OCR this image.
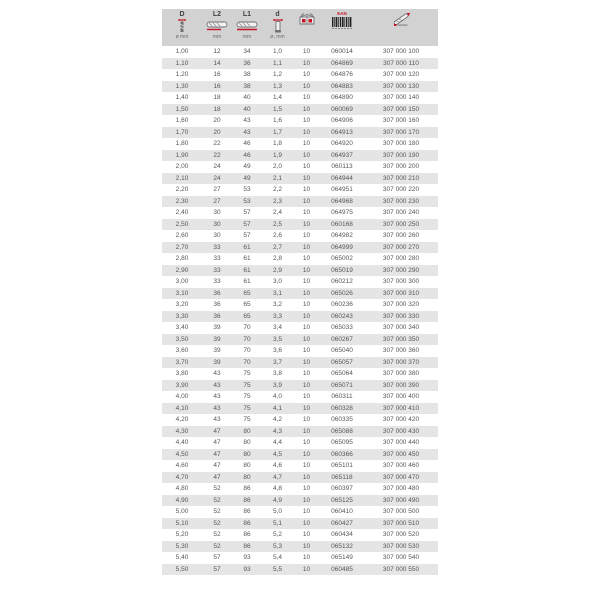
D
ø mm

L2
mm

L1
mm

d
ø₁ mm

EAN

1,00	12	34	1,0	10	060014	307 000 100
1,10	14	36	1,1	10	064869	307 000 110
1,20	16	38	1,2	10	064876	307 000 120
1,30	16	38	1,3	10	064883	307 000 130
1,40	18	40	1,4	10	064890	307 000 140
1,50	18	40	1,5	10	060069	307 000 150
1,60	20	43	1,6	10	064906	307 000 160
1,70	20	43	1,7	10	064913	307 000 170
1,80	22	46	1,8	10	064920	307 000 180
1,90	22	46	1,9	10	064937	307 000 190
2,00	24	49	2,0	10	060113	307 000 200
2,10	24	49	2,1	10	064944	307 000 210
2,20	27	53	2,2	10	064951	307 000 220
2,30	27	53	2,3	10	064968	307 000 230
2,40	30	57	2,4	10	064975	307 000 240
2,50	30	57	2,5	10	060168	307 000 250
2,60	30	57	2,6	10	064982	307 000 260
2,70	33	61	2,7	10	064999	307 000 270
2,80	33	61	2,8	10	065002	307 000 280
2,90	33	61	2,9	10	065019	307 000 290
3,00	33	61	3,0	10	060212	307 000 300
3,10	36	65	3,1	10	065026	307 000 310
3,20	36	65	3,2	10	060236	307 000 320
3,30	36	65	3,3	10	060243	307 000 330
3,40	39	70	3,4	10	065033	307 000 340
3,50	39	70	3,5	10	060267	307 000 350
3,60	39	70	3,6	10	065040	307 000 360
3,70	39	70	3,7	10	065057	307 000 370
3,80	43	75	3,8	10	065064	307 000 380
3,90	43	75	3,9	10	065071	307 000 390
4,00	43	75	4,0	10	060311	307 000 400
4,10	43	75	4,1	10	060328	307 000 410
4,20	43	75	4,2	10	060335	307 000 420
4,30	47	80	4,3	10	065088	307 000 430
4,40	47	80	4,4	10	065095	307 000 440
4,50	47	80	4,5	10	060366	307 000 450
4,60	47	80	4,6	10	065101	307 000 460
4,70	47	80	4,7	10	065118	307 000 470
4,80	52	86	4,8	10	060397	307 000 480
4,90	52	86	4,9	10	065125	307 000 490
5,00	52	86	5,0	10	060410	307 000 500
5,10	52	86	5,1	10	060427	307 000 510
5,20	52	86	5,2	10	060434	307 000 520
5,30	52	86	5,3	10	065132	307 000 530
5,40	57	93	5,4	10	065149	307 000 540
5,50	57	93	5,5	10	060485	307 000 550
